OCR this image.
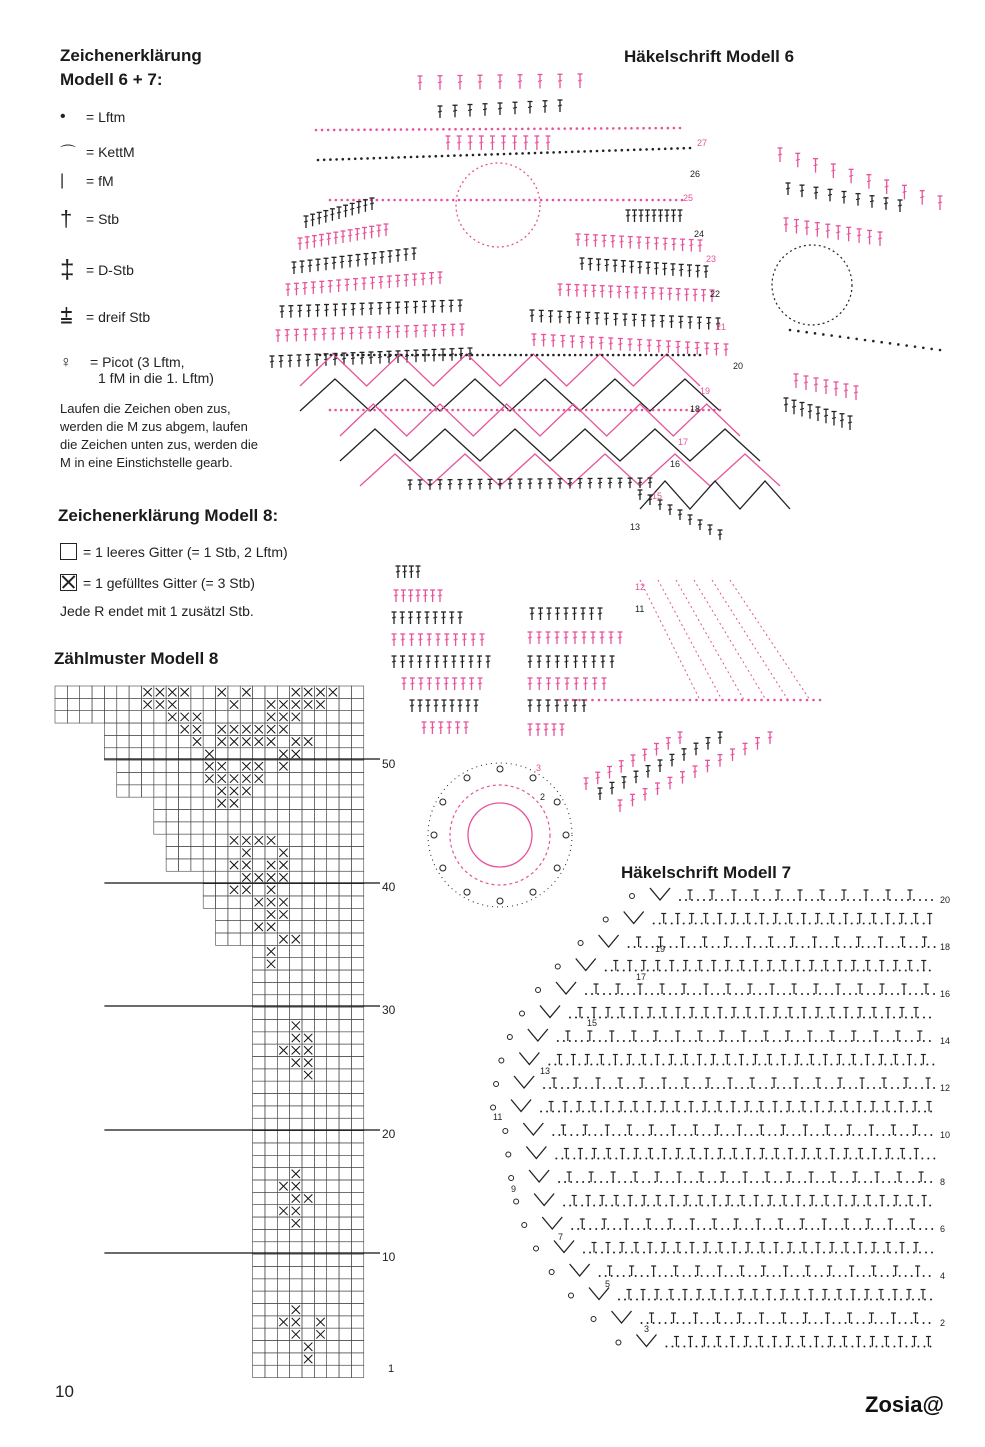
Zeichenerklärung
Modell 6 + 7:
•	= Lftm
⌒ = KettM
|	= fM
† = Stb
‡ = D-Stb
⩲ = dreif Stb
♀	= Picot (3 Lftm,
1 fM in die 1. Lftm)
Laufen die Zeichen oben zus,
werden die M zus abgem, laufen
die Zeichen unten zus, werden die
M in eine Einstichstelle gearb.
Zeichenerklärung Modell 8:
= 1 leeres Gitter (= 1 Stb, 2 Lftm)
= 1 gefülltes Gitter (= 3 Stb)
Jede R endet mit 1 zusätzl Stb.
Zählmuster Modell 8
50
40
30
20
10
1
Häkelschrift Modell 6
27
26
25
24
23
22
21
20
19
18
17
16
15
13
12
11
3
2
Häkelschrift Modell 7
20
18
16
14
12
10
8
6
4
2
19
17
15
13
11
9
7
5
3
10
Zosia@
